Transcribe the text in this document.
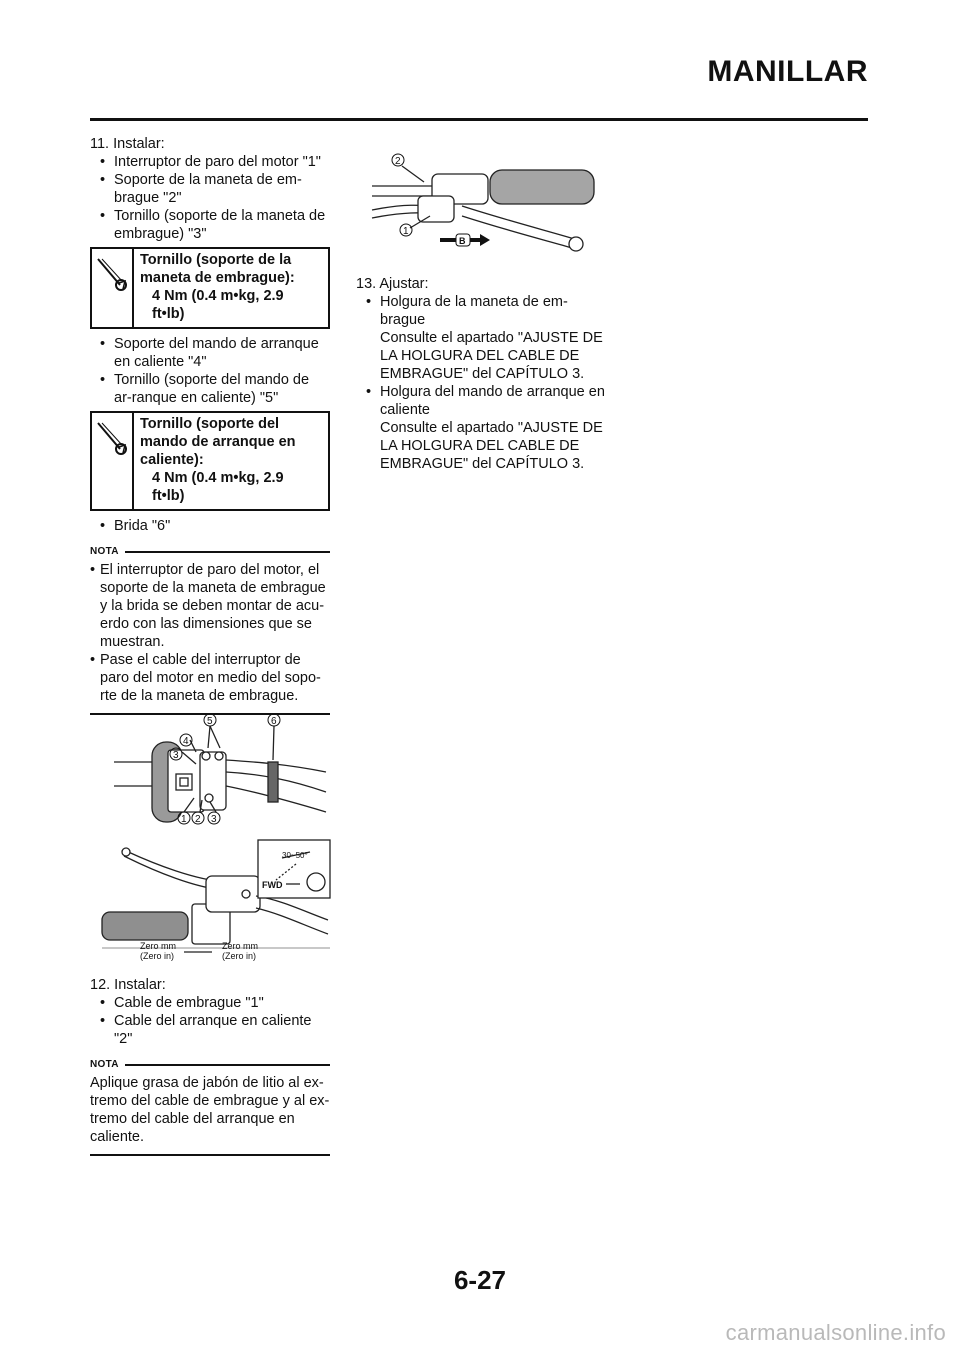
MANILLAR

11. Instalar:

• Interruptor de paro del motor "1"
• Soporte de la maneta de em-brague "2"
• Tornillo (soporte de la maneta de embrague) "3"
Tornillo (soporte de la maneta de embrague):
4 Nm (0.4 m•kg, 2.9
ft•lb)
• Soporte del mando de arranque en caliente "4"
• Tornillo (soporte del mando de ar-ranque en caliente) "5"
Tornillo (soporte del mando de arranque en caliente):
4 Nm (0.4 m•kg, 2.9
ft•lb)
• Brida "6"
NOTA
• El interruptor de paro del motor, el soporte de la maneta de embrague y la brida se deben montar de acu-erdo con las dimensiones que se muestran.
• Pase el cable del interruptor de paro del motor en medio del sopo-rte de la maneta de embrague.
5	6
4
3
1 2 3
30~50°
FWD
Zero mm
(Zero in)
Zero mm
(Zero in)

12. Instalar:

• Cable de embrague "1"
• Cable del arranque en caliente "2"
NOTA
Aplique grasa de jabón de litio al ex-tremo del cable de embrague y al ex-tremo del cable del arranque en caliente.
2
1
B

13. Ajustar:

• Holgura de la maneta de em-brague
Consulte el apartado "AJUSTE DE LA HOLGURA DEL CABLE DE EMBRAGUE" del CAPÍTULO 3.
• Holgura del mando de arranque en caliente
Consulte el apartado "AJUSTE DE LA HOLGURA DEL CABLE DE EMBRAGUE" del CAPÍTULO 3.
6-27
carmanualsonline.info
